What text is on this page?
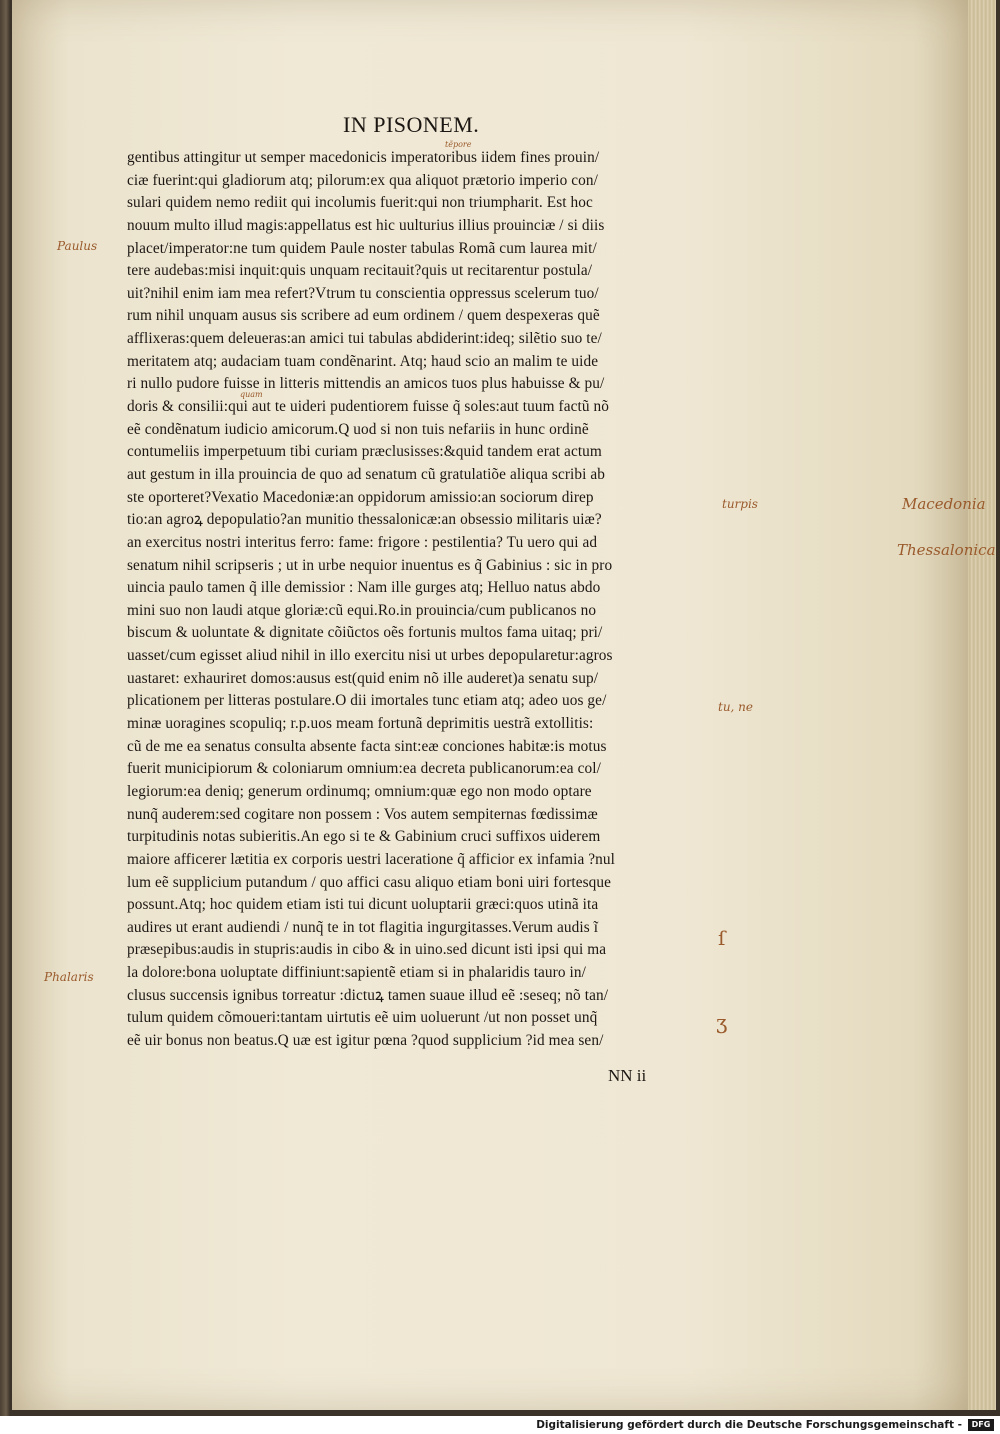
IN PISONEM.
gentibus attingitur ut semper macedonicis imperatoribus iidem fines prouin/
ciæ fuerint:qui gladiorum atq; pilorum:ex qua aliquot prætorio imperio con/
sulari quidem nemo rediit qui incolumis fuerit:qui non triumpharit. Est hoc
nouum multo illud magis:appellatus est hic uulturius illius prouinciæ / si diis
placet/imperator:ne tum quidem Paule noster tabulas Romã cum laurea mit/
tere audebas:misi inquit:quis unquam recitauit?quis ut recitarentur postula/
uit?nihil enim iam mea refert?Vtrum tu conscientia oppressus scelerum tuo/
rum nihil unquam ausus sis scribere ad eum ordinem / quem despexeras quẽ
afflixeras:quem deleueras:an amici tui tabulas abdiderint:ideq; silẽtio suo te/
meritatem atq; audaciam tuam condẽnarint. Atq; haud scio an malim te uide
ri nullo pudore fuisse in litteris mittendis an amicos tuos plus habuisse & pu/
doris & consilii:qui aut te uideri pudentiorem fuisse q̃ soles:aut tuum factũ nõ
eẽ condẽnatum iudicio amicorum.Q uod si non tuis nefariis in hunc ordinẽ
contumeliis imperpetuum tibi curiam præclusisses:&quid tandem erat actum
aut gestum in illa prouincia de quo ad senatum cũ gratulatiõe aliqua scribi ab
ste oporteret?Vexatio Macedoniæ:an oppidorum amissio:an sociorum direp
tio:an agroꝝ depopulatio?an munitio thessalonicæ:an obsessio militaris uiæ?
an exercitus nostri interitus ferro: fame: frigore : pestilentia? Tu uero qui ad
senatum nihil scripseris ; ut in urbe nequior inuentus es q̃ Gabinius : sic in pro
uincia paulo tamen q̃ ille demissior : Nam ille gurges atq; Helluo natus abdo
mini suo non laudi atque gloriæ:cũ equi.Ro.in prouincia/cum publicanos no
biscum & uoluntate & dignitate cõiũctos oẽs fortunis multos fama uitaq; pri/
uasset/cum egisset aliud nihil in illo exercitu nisi ut urbes depopularetur:agros
uastaret: exhauriret domos:ausus est(quid enim nõ ille auderet)a senatu sup/
plicationem per litteras postulare.O dii imortales tunc etiam atq; adeo uos ge/
minæ uoragines scopuliq; r.p.uos meam fortunã deprimitis uestrã extollitis:
cũ de me ea senatus consulta absente facta sint:eæ conciones habitæ:is motus
fuerit municipiorum & coloniarum omnium:ea decreta publicanorum:ea col/
legiorum:ea deniq; generum ordinumq; omnium:quæ ego non modo optare
nunq̃ auderem:sed cogitare non possem : Vos autem sempiternas fœdissimæ
turpitudinis notas subieritis.An ego si te & Gabinium cruci suffixos uiderem
maiore afficerer lætitia ex corporis uestri laceratione q̃ afficior ex infamia ?nul
lum eẽ supplicium putandum / quo affici casu aliquo etiam boni uiri fortesque
possunt.Atq; hoc quidem etiam isti tui dicunt uoluptarii græci:quos utinã ita
audires ut erant audiendi / nunq̃ te in tot flagitia ingurgitasses.Verum audis ĩ
præsepibus:audis in stupris:audis in cibo & in uino.sed dicunt isti ipsi qui ma
la dolore:bona uoluptate diffiniunt:sapientẽ etiam si in phalaridis tauro in/
clusus succensis ignibus torreatur :dictuꝝ tamen suaue illud eẽ :seseq; nõ tan/
tulum quidem cõmoueri:tantam uirtutis eẽ uim uoluerunt /ut non posset unq̃
eẽ uir bonus non beatus.Q uæ est igitur pœna ?quod supplicium ?id mea sen/
NN ii
Paulus
turpis	Macedonia
Thessalonica
tu, ne
Phalaris
tẽpore
quam
ſ
ʒ
Digitalisierung gefördert durch die Deutsche Forschungsgemeinschaft -	DFG
